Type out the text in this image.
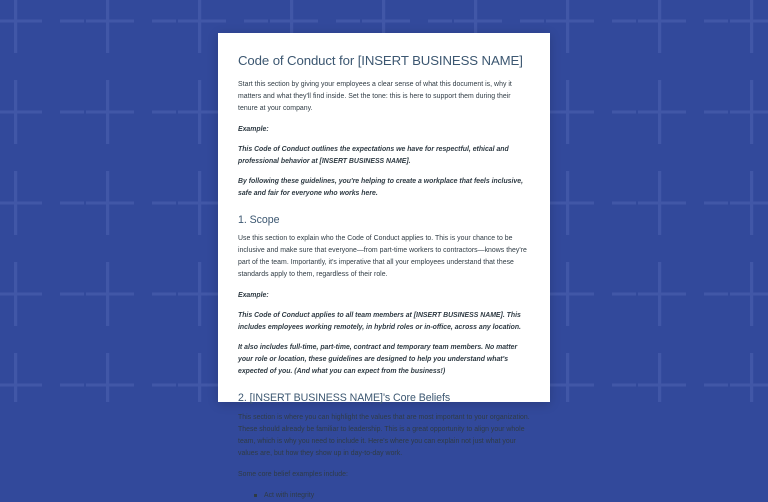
Code of Conduct for [INSERT BUSINESS NAME]

Start this section by giving your employees a clear sense of what this document is, why it matters and what they'll find inside. Set the tone: this is here to support them during their tenure at your company.

Example:

This Code of Conduct outlines the expectations we have for respectful, ethical and professional behavior at [INSERT BUSINESS NAME].

By following these guidelines, you're helping to create a workplace that feels inclusive, safe and fair for everyone who works here.

1. Scope

Use this section to explain who the Code of Conduct applies to. This is your chance to be inclusive and make sure that everyone—from part-time workers to contractors—knows they're part of the team. Importantly, it's imperative that all your employees understand that these standards apply to them, regardless of their role.

Example:

This Code of Conduct applies to all team members at [INSERT BUSINESS NAME]. This includes employees working remotely, in hybrid roles or in-office, across any location.

It also includes full-time, part-time, contract and temporary team members. No matter your role or location, these guidelines are designed to help you understand what's expected of you. (And what you can expect from the business!)

2. [INSERT BUSINESS NAME]'s Core Beliefs

This section is where you can highlight the values that are most important to your organization. These should already be familiar to leadership. This is a great opportunity to align your whole team, which is why you need to include it. Here's where you can explain not just what your values are, but how they show up in day-to-day work.

Some core belief examples include:

Act with integrity
